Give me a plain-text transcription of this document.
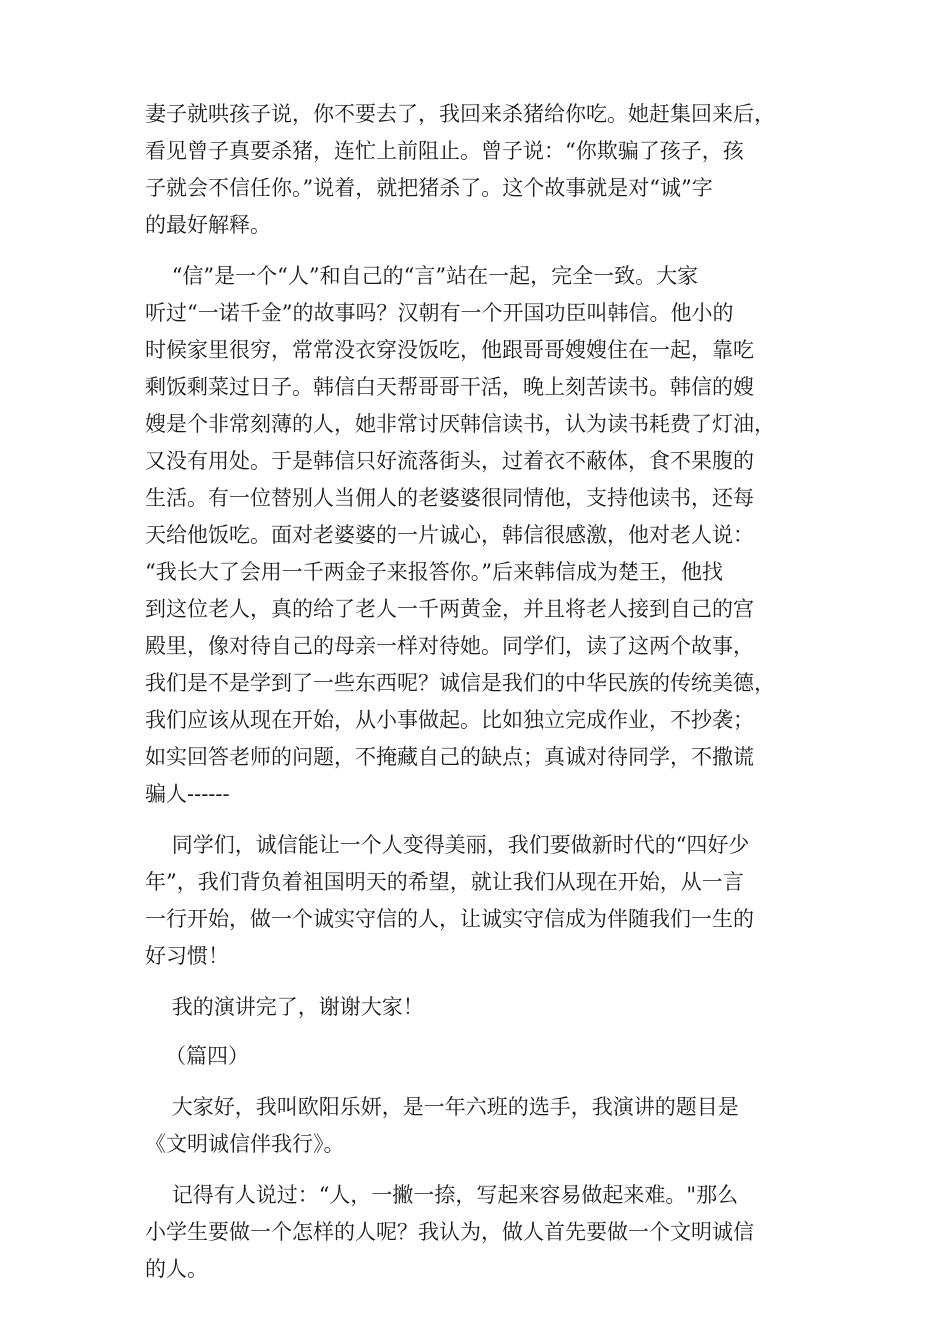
妻子就哄孩子说，你不要去了，我回来杀猪给你吃。她赶集回来后，
看见曾子真要杀猪，连忙上前阻止。曾子说：“你欺骗了孩子，孩
子就会不信任你。”说着，就把猪杀了。这个故事就是对“诚”字
的最好解释。
“信”是一个“人”和自己的“言”站在一起，完全一致。大家
听过“一诺千金”的故事吗？汉朝有一个开国功臣叫韩信。他小的
时候家里很穷，常常没衣穿没饭吃，他跟哥哥嫂嫂住在一起，靠吃
剩饭剩菜过日子。韩信白天帮哥哥干活，晚上刻苦读书。韩信的嫂
嫂是个非常刻薄的人，她非常讨厌韩信读书，认为读书耗费了灯油，
又没有用处。于是韩信只好流落街头，过着衣不蔽体，食不果腹的
生活。有一位替别人当佣人的老婆婆很同情他，支持他读书，还每
天给他饭吃。面对老婆婆的一片诚心，韩信很感激，他对老人说：
“我长大了会用一千两金子来报答你。”后来韩信成为楚王，他找
到这位老人，真的给了老人一千两黄金，并且将老人接到自己的宫
殿里，像对待自己的母亲一样对待她。同学们，读了这两个故事，
我们是不是学到了一些东西呢？诚信是我们的中华民族的传统美德，
我们应该从现在开始，从小事做起。比如独立完成作业，不抄袭；
如实回答老师的问题，不掩藏自己的缺点；真诚对待同学，不撒谎
骗人------
同学们，诚信能让一个人变得美丽，我们要做新时代的“四好少
年”，我们背负着祖国明天的希望，就让我们从现在开始，从一言
一行开始，做一个诚实守信的人，让诚实守信成为伴随我们一生的
好习惯！
我的演讲完了，谢谢大家！
（篇四）
大家好，我叫欧阳乐妍，是一年六班的选手，我演讲的题目是
《文明诚信伴我行》。
记得有人说过：“人，一撇一捺，写起来容易做起来难。"那么
小学生要做一个怎样的人呢？我认为，做人首先要做一个文明诚信
的人。
